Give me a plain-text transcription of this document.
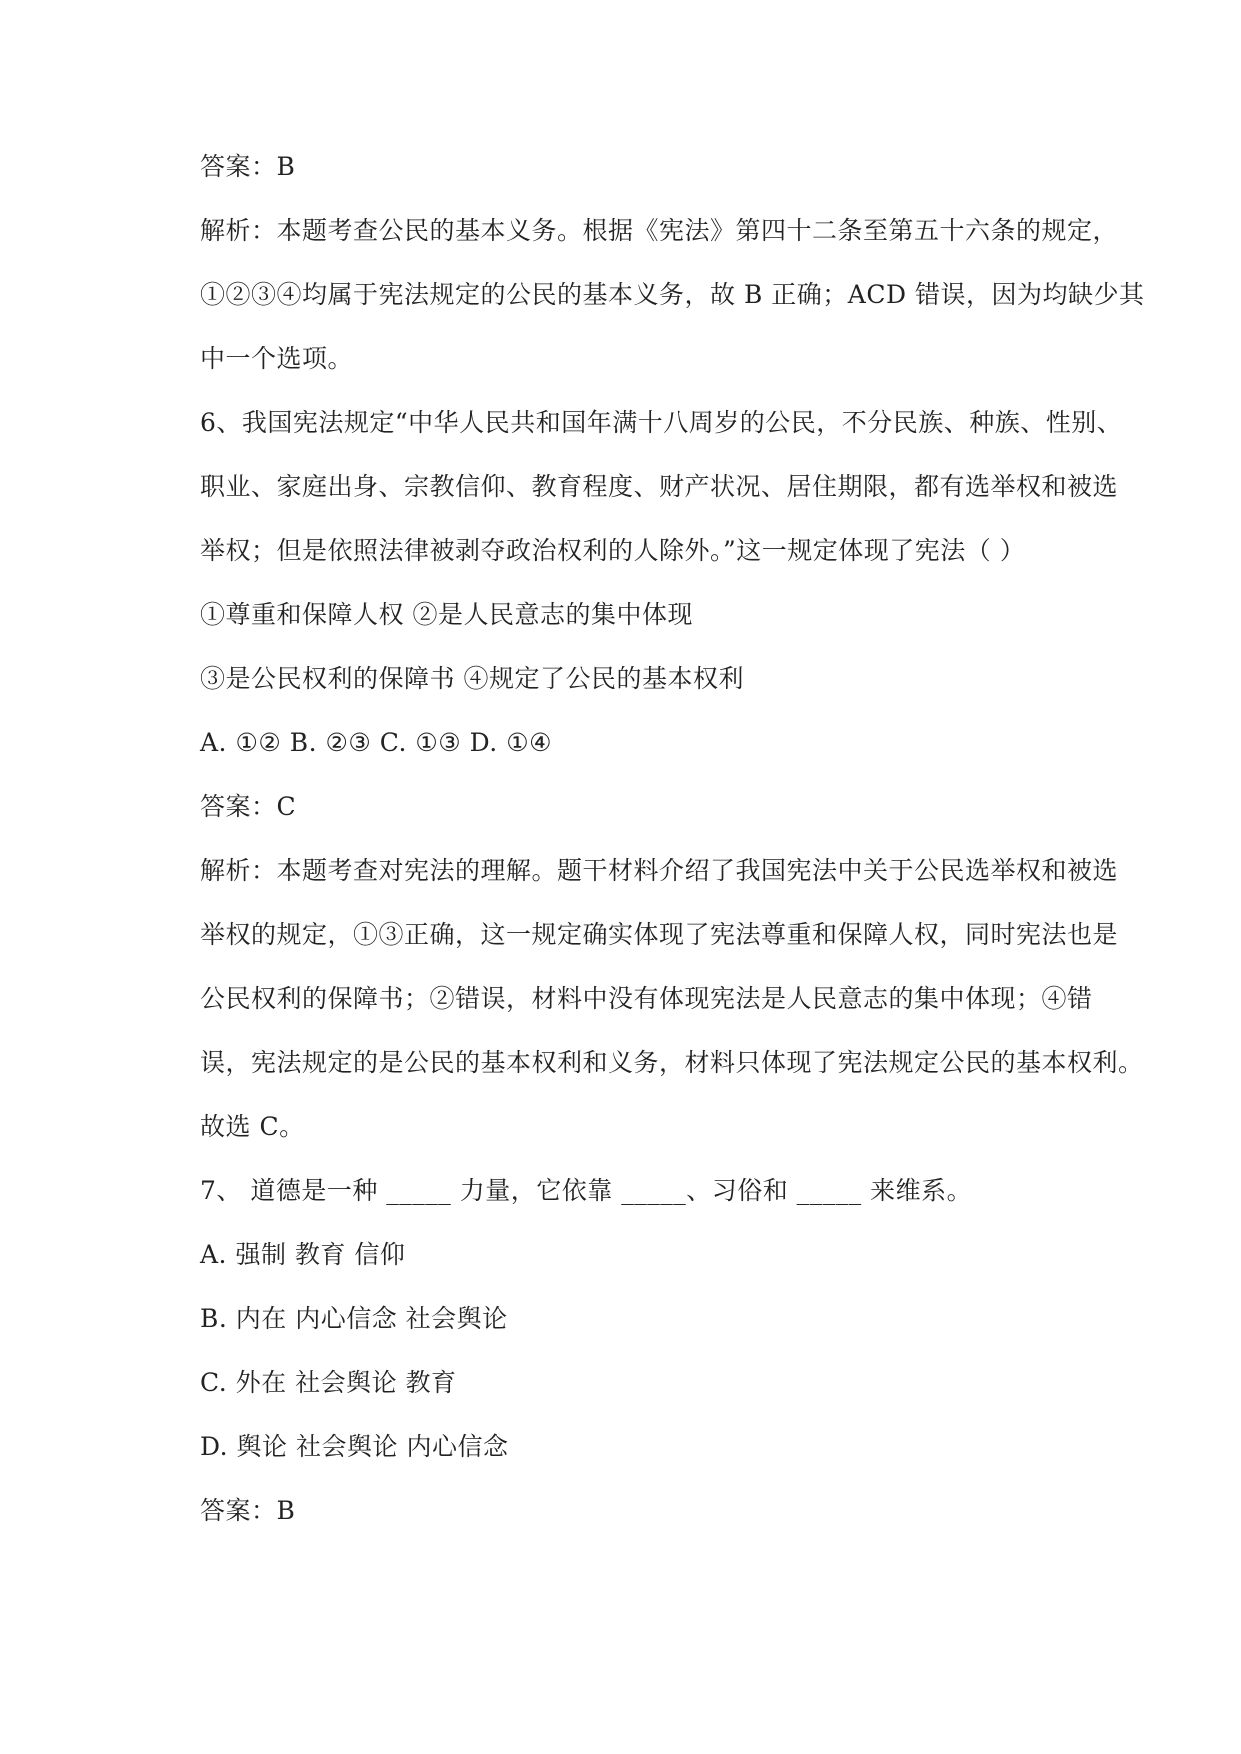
答案：B
解析：本题考查公民的基本义务。根据《宪法》第四十二条至第五十六条的规定，
①②③④均属于宪法规定的公民的基本义务，故 B 正确；ACD 错误，因为均缺少其
中一个选项。
6、我国宪法规定“中华人民共和国年满十八周岁的公民，不分民族、种族、性别、
职业、家庭出身、宗教信仰、教育程度、财产状况、居住期限，都有选举权和被选
举权；但是依照法律被剥夺政治权利的人除外。”这一规定体现了宪法（ ）
①尊重和保障人权 ②是人民意志的集中体现
③是公民权利的保障书 ④规定了公民的基本权利
A. ①② B. ②③ C. ①③ D. ①④
答案：C
解析：本题考查对宪法的理解。题干材料介绍了我国宪法中关于公民选举权和被选
举权的规定，①③正确，这一规定确实体现了宪法尊重和保障人权，同时宪法也是
公民权利的保障书；②错误，材料中没有体现宪法是人民意志的集中体现；④错
误，宪法规定的是公民的基本权利和义务，材料只体现了宪法规定公民的基本权利。
故选 C。
7、 道德是一种 _____ 力量，它依靠 _____、习俗和 _____ 来维系。
A. 强制 教育 信仰
B. 内在 内心信念 社会舆论
C. 外在 社会舆论 教育
D. 舆论 社会舆论 内心信念
答案：B
